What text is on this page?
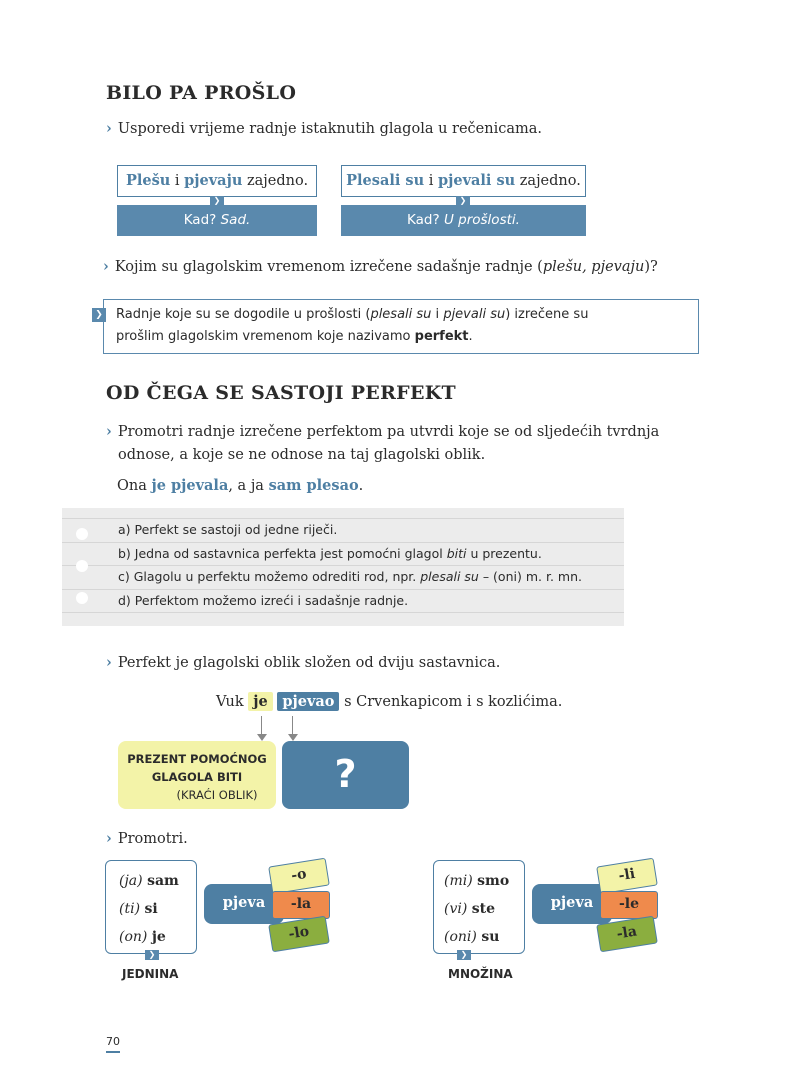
BILO PA PROŠLO
› Usporedi vrijeme radnje istaknutih glagola u rečenicama.
Plešu i pjevaju zajedno.
❯
Kad? Sad.
Plesali su i pjevali su zajedno.
❯
Kad? U prošlosti.
› Kojim su glagolskim vremenom izrečene sadašnje radnje (plešu, pjevaju)?
Radnje koje su se dogodile u prošlosti (plesali su i pjevali su) izrečene su
prošlim glagolskim vremenom koje nazivamo perfekt.
❯
OD ČEGA SE SASTOJI PERFEKT
› Promotri radnje izrečene perfektom pa utvrdi koje se od sljedećih tvrdnja
odnose, a koje se ne odnose na taj glagolski oblik.
Ona je pjevala, a ja sam plesao.
a) Perfekt se sastoji od jedne riječi.
b) Jedna od sastavnica perfekta jest pomoćni glagol biti u prezentu.
c) Glagolu u perfektu možemo odrediti rod, npr. plesali su – (oni) m. r. mn.
d) Perfektom možemo izreći i sadašnje radnje.
› Perfekt je glagolski oblik složen od dviju sastavnica.
Vuk je pjevao s Crvenkapicom i s kozlićima.
PREZENT POMOĆNOG
GLAGOLA BITI
(KRAĆI OBLIK)	?
› Promotri.
(ja) sam
(ti) si
(on) je
❯
JEDNINA
pjeva
-o
-la
-lo
(mi) smo
(vi) ste
(oni) su
❯
MNOŽINA
pjeva
-li
-le
-la
70
